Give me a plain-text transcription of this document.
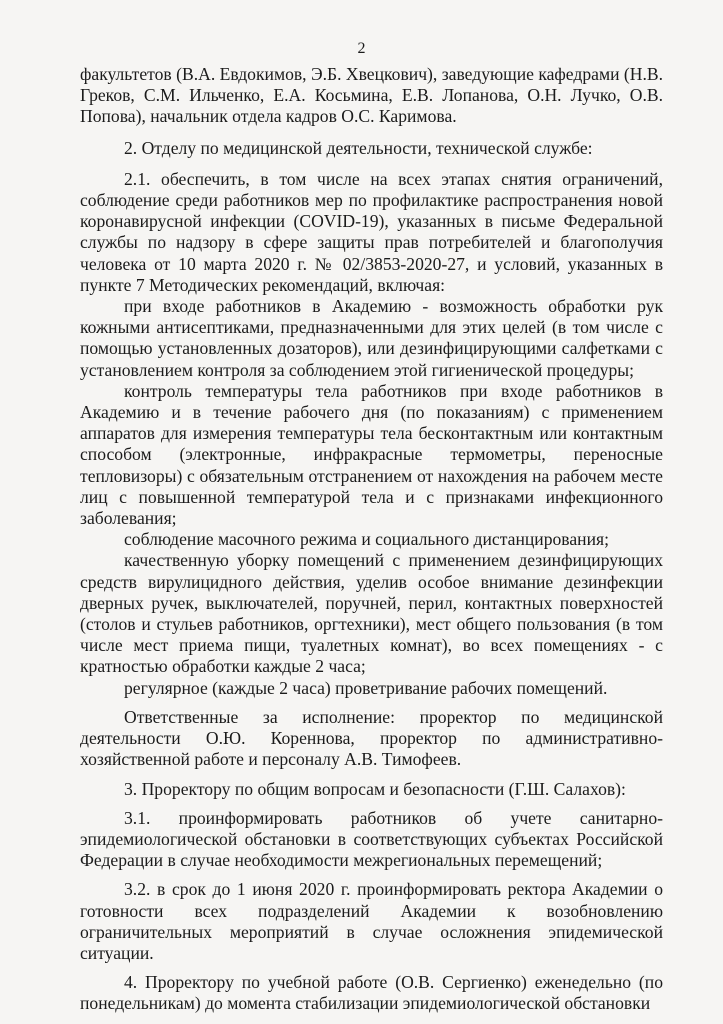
2

факультетов (В.А. Евдокимов, Э.Б. Хвецкович), заведующие кафедрами (Н.В. Греков, С.М. Ильченко, Е.А. Косьмина, Е.В. Лопанова, О.Н. Лучко, О.В. Попова), начальник отдела кадров О.С. Каримова.

2. Отделу по медицинской деятельности, технической службе:

2.1. обеспечить, в том числе на всех этапах снятия ограничений, соблюдение среди работников мер по профилактике распространения новой коронавирусной инфекции (COVID-19), указанных в письме Федеральной службы по надзору в сфере защиты прав потребителей и благополучия человека от 10 марта 2020 г. № 02/3853-2020-27, и условий, указанных в пункте 7 Методических рекомендаций, включая:

при входе работников в Академию - возможность обработки рук кожными антисептиками, предназначенными для этих целей (в том числе с помощью установленных дозаторов), или дезинфицирующими салфетками с установлением контроля за соблюдением этой гигиенической процедуры;

контроль температуры тела работников при входе работников в Академию и в течение рабочего дня (по показаниям) с применением аппаратов для измерения температуры тела бесконтактным или контактным способом (электронные, инфракрасные термометры, переносные тепловизоры) с обязательным отстранением от нахождения на рабочем месте лиц с повышенной температурой тела и с признаками инфекционного заболевания;

соблюдение масочного режима и социального дистанцирования;

качественную уборку помещений с применением дезинфицирующих средств вирулицидного действия, уделив особое внимание дезинфекции дверных ручек, выключателей, поручней, перил, контактных поверхностей (столов и стульев работников, оргтехники), мест общего пользования (в том числе мест приема пищи, туалетных комнат), во всех помещениях - с кратностью обработки каждые 2 часа;

регулярное (каждые 2 часа) проветривание рабочих помещений.

Ответственные за исполнение: проректор по медицинской деятельности О.Ю. Кореннова, проректор по административно-хозяйственной работе и персоналу А.В. Тимофеев.

3. Проректору по общим вопросам и безопасности (Г.Ш. Салахов):

3.1. проинформировать работников об учете санитарно-эпидемиологической обстановки в соответствующих субъектах Российской Федерации в случае необходимости межрегиональных перемещений;

3.2. в срок до 1 июня 2020 г. проинформировать ректора Академии о готовности всех подразделений Академии к возобновлению ограничительных мероприятий в случае осложнения эпидемической ситуации.

4. Проректору по учебной работе (О.В. Сергиенко) еженедельно (по понедельникам) до момента стабилизации эпидемиологической обстановки
